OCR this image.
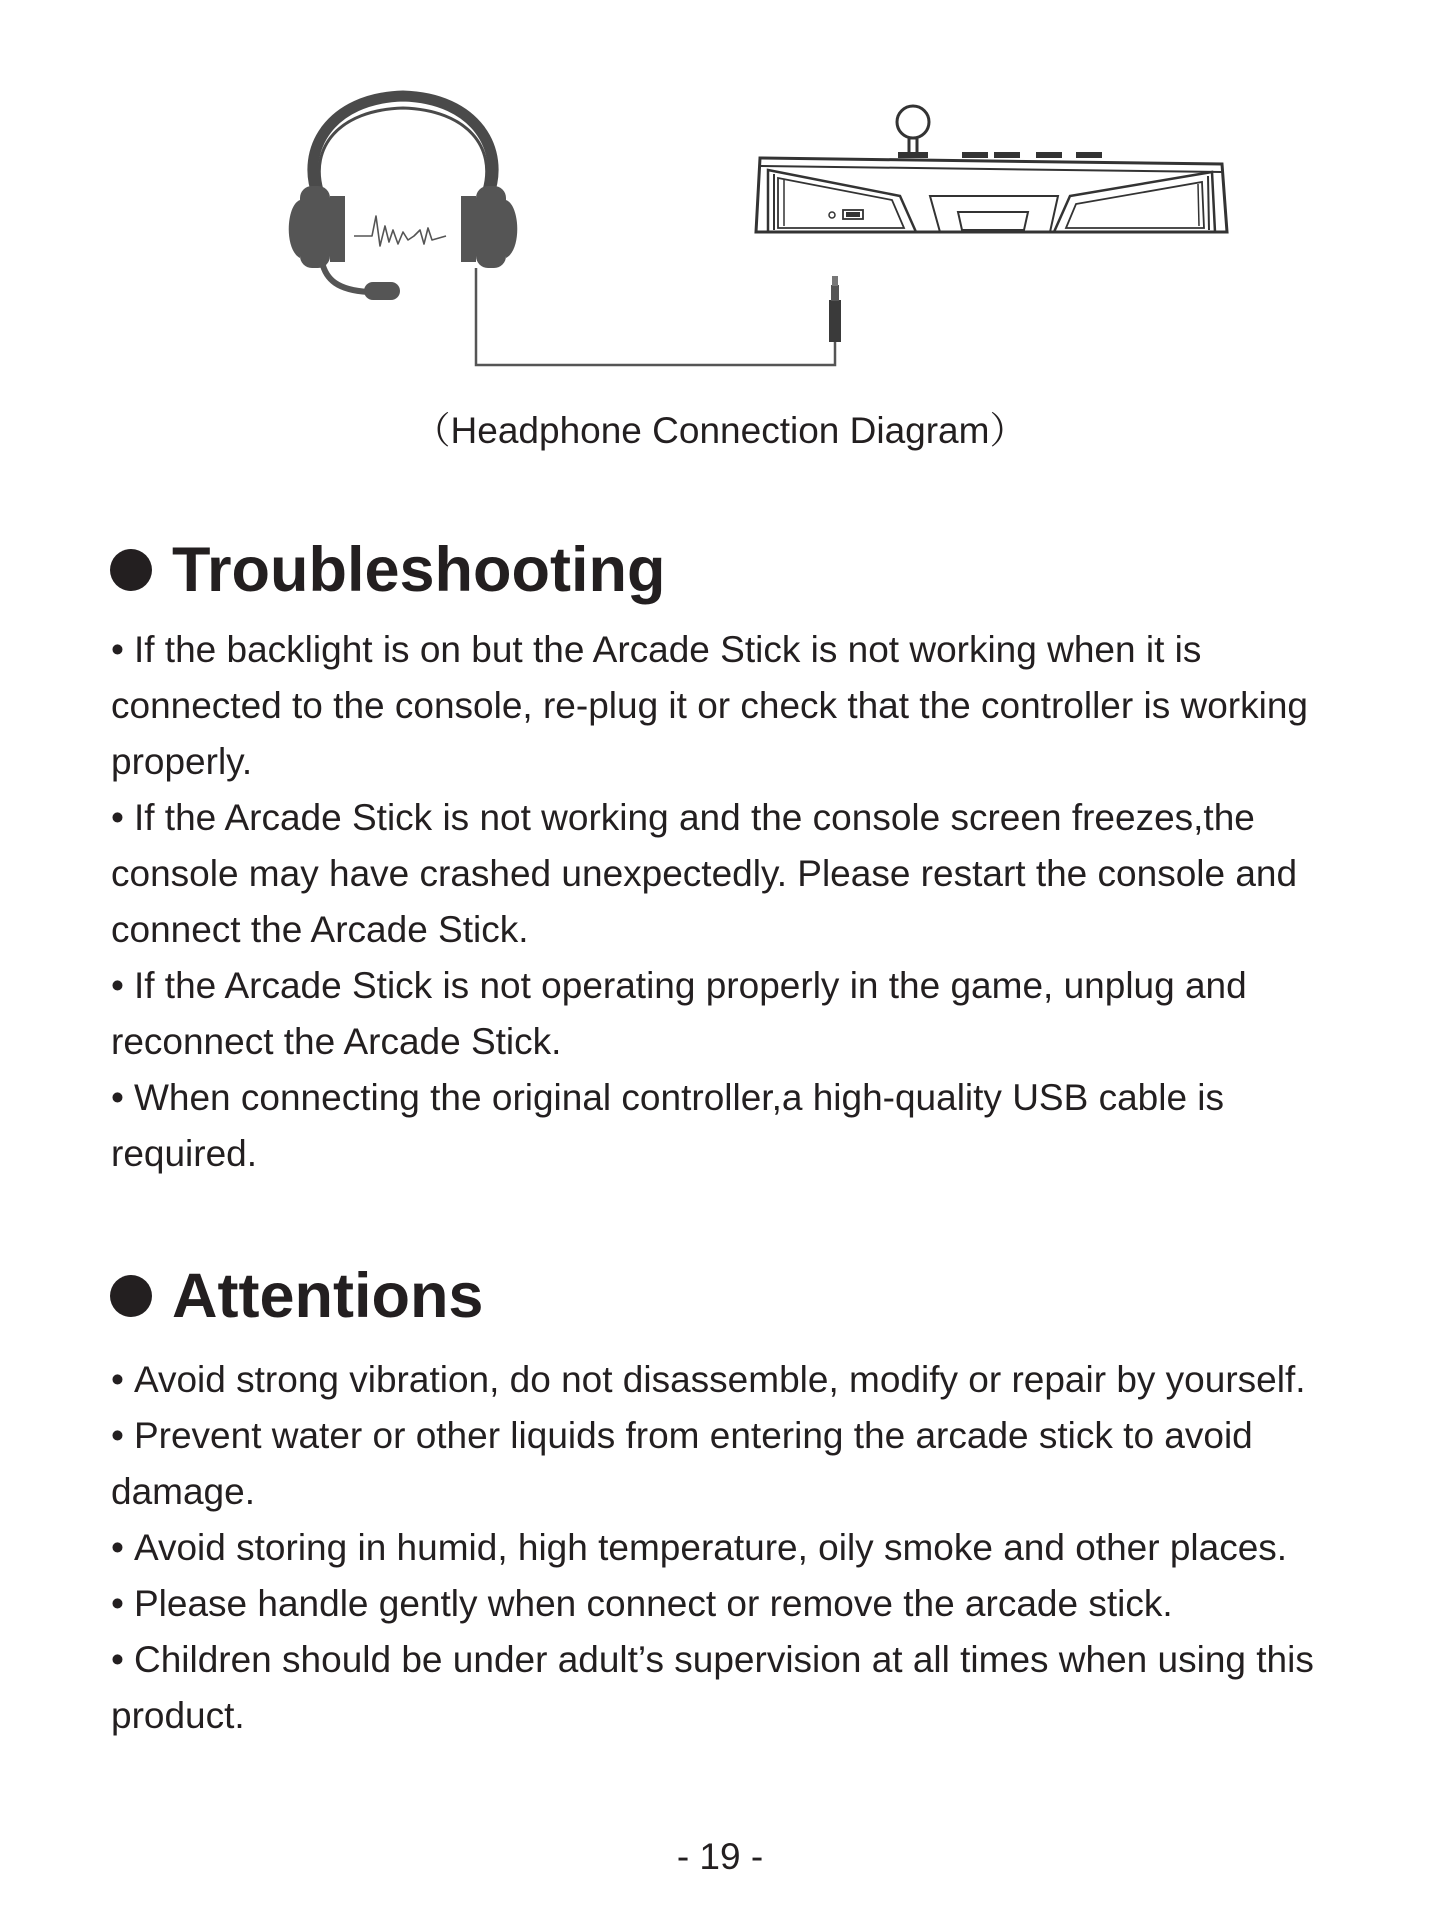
（Headphone Connection Diagram）
Troubleshooting

• If the backlight is on but the Arcade Stick is not working when it is connected to the console, re-plug it or check that the controller is working properly.

• If the Arcade Stick is not working and the console screen freezes,the console may have crashed unexpectedly. Please restart the console and connect the Arcade Stick.

• If the Arcade Stick is not operating properly in the game, unplug and reconnect the Arcade Stick.

• When connecting the original controller,a high-quality USB cable is required.

Attentions

• Avoid strong vibration, do not disassemble, modify or repair by yourself.

• Prevent water or other liquids from entering the arcade stick to avoid damage.

• Avoid storing in humid, high temperature, oily smoke and other places.

• Please handle gently when connect or remove the arcade stick.

• Children should be under adult’s supervision at all times when using this product.

- 19 -
